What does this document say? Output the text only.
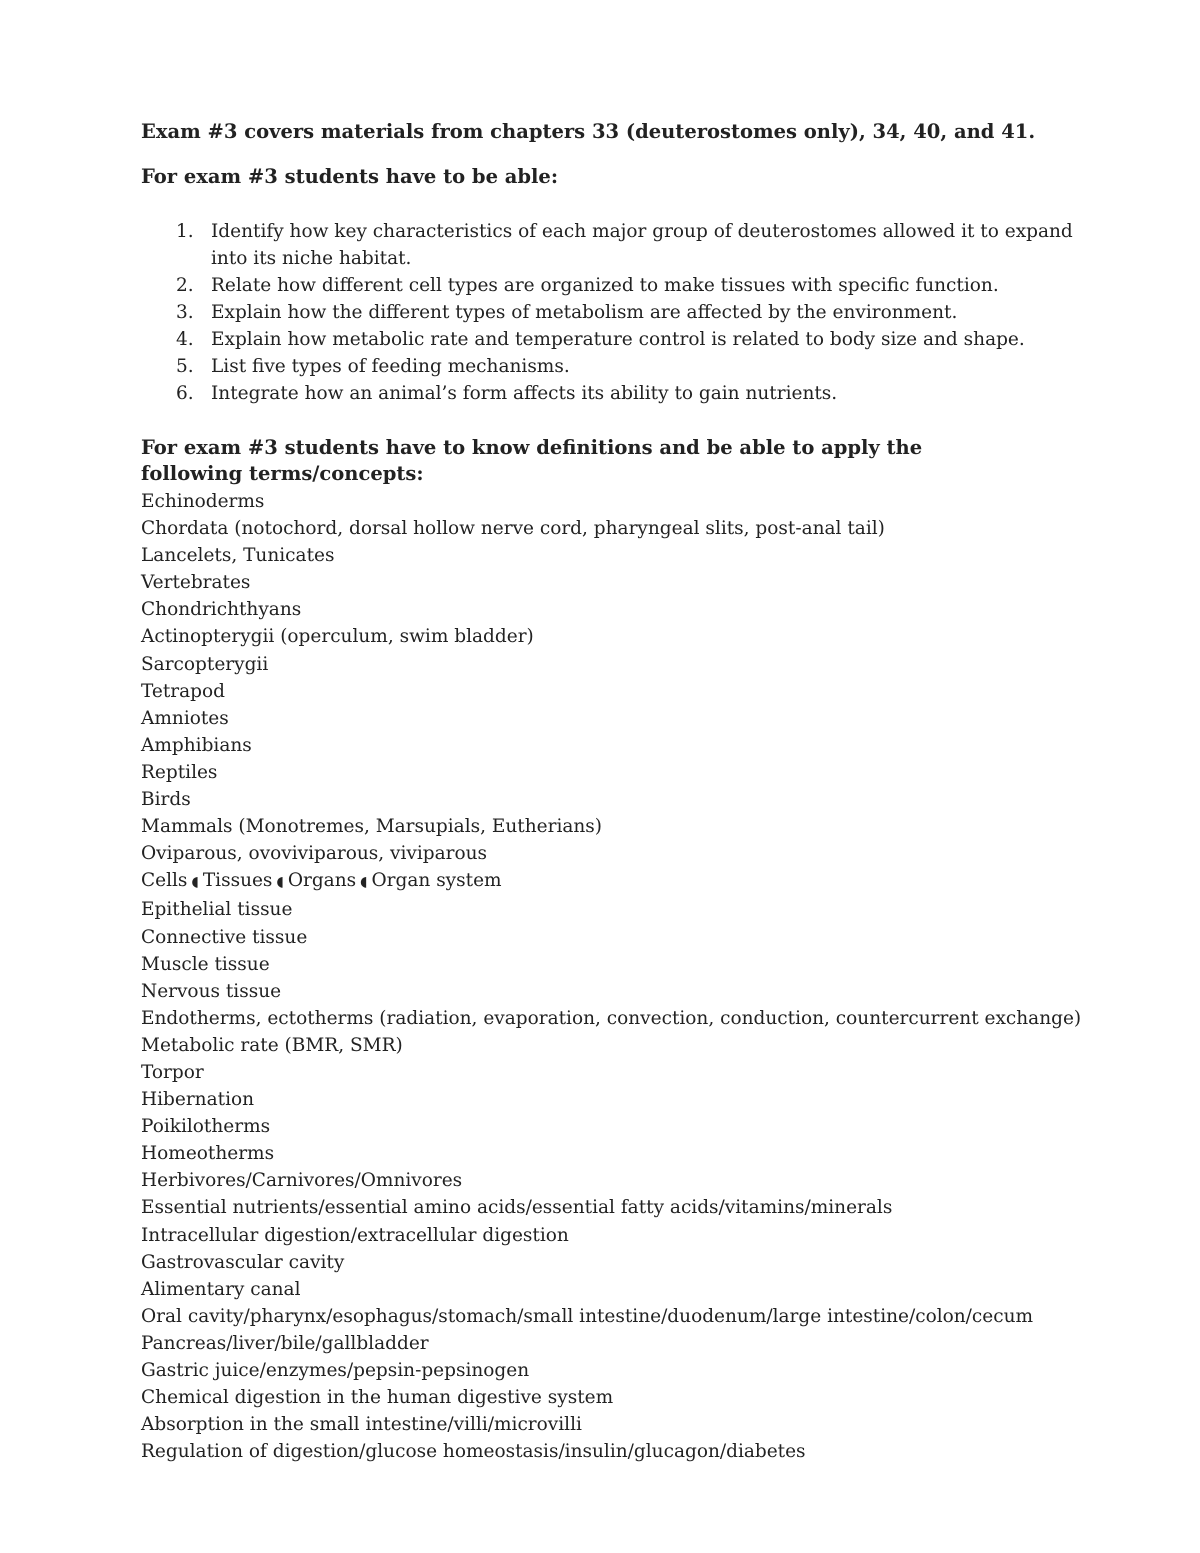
Exam #3 covers materials from chapters 33 (deuterostomes only), 34, 40, and 41.

For exam #3 students have to be able:

1. Identify how key characteristics of each major group of deuterostomes allowed it to expand into its niche habitat.
2. Relate how different cell types are organized to make tissues with specific function.
3. Explain how the different types of metabolism are affected by the environment.
4. Explain how metabolic rate and temperature control is related to body size and shape.
5. List five types of feeding mechanisms.
6. Integrate how an animal’s form affects its ability to gain nutrients.

For exam #3 students have to know definitions and be able to apply the following terms/concepts:

Echinoderms
Chordata (notochord, dorsal hollow nerve cord, pharyngeal slits, post-anal tail)
Lancelets, Tunicates
Vertebrates
Chondrichthyans
Actinopterygii (operculum, swim bladder)
Sarcopterygii
Tetrapod
Amniotes
Amphibians
Reptiles
Birds
Mammals (Monotremes, Marsupials, Eutherians)
Oviparous, ovoviviparous, viviparous
Cells ◖ Tissues ◖ Organs ◖ Organ system
Epithelial tissue
Connective tissue
Muscle tissue
Nervous tissue
Endotherms, ectotherms (radiation, evaporation, convection, conduction, countercurrent exchange)
Metabolic rate (BMR, SMR)
Torpor
Hibernation
Poikilotherms
Homeotherms
Herbivores/Carnivores/Omnivores
Essential nutrients/essential amino acids/essential fatty acids/vitamins/minerals
Intracellular digestion/extracellular digestion
Gastrovascular cavity
Alimentary canal
Oral cavity/pharynx/esophagus/stomach/small intestine/duodenum/large intestine/colon/cecum
Pancreas/liver/bile/gallbladder
Gastric juice/enzymes/pepsin-pepsinogen
Chemical digestion in the human digestive system
Absorption in the small intestine/villi/microvilli
Regulation of digestion/glucose homeostasis/insulin/glucagon/diabetes
